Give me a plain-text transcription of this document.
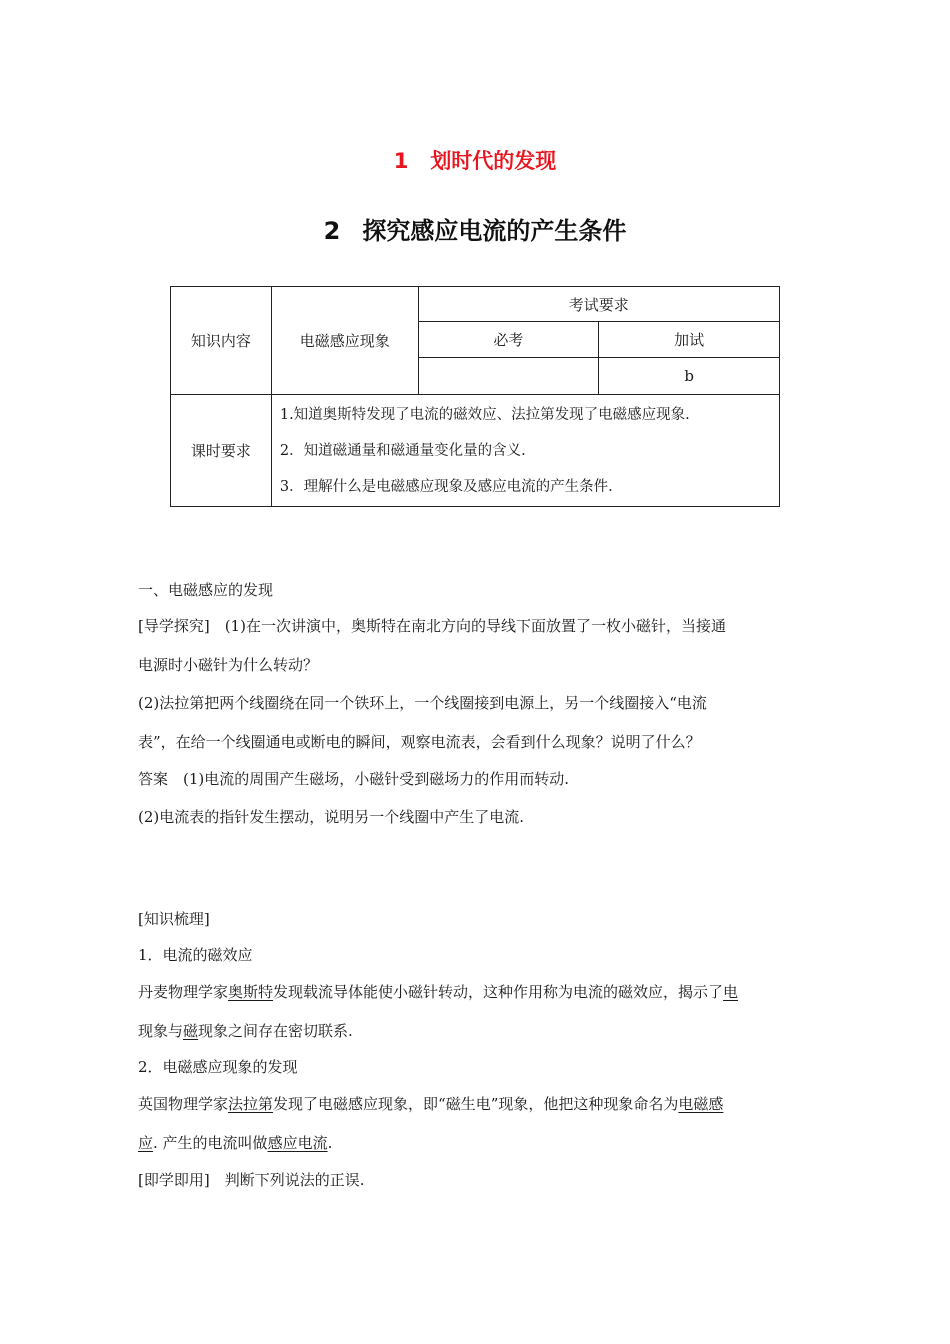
1 划时代的发现
2 探究感应电流的产生条件
知识内容	电磁感应现象	考试要求	
		必考	加试
			b
课时要求	1.知道奥斯特发现了电流的磁效应、法拉第发现了电磁感应现象.
2．知道磁通量和磁通量变化量的含义.
3．理解什么是电磁感应现象及感应电流的产生条件.		
一、电磁感应的发现
[导学探究]　(1)在一次讲演中，奥斯特在南北方向的导线下面放置了一枚小磁针，当接通
电源时小磁针为什么转动？
(2)法拉第把两个线圈绕在同一个铁环上，一个线圈接到电源上，另一个线圈接入“电流
表”，在给一个线圈通电或断电的瞬间，观察电流表，会看到什么现象？说明了什么？
答案　(1)电流的周围产生磁场，小磁针受到磁场力的作用而转动.
(2)电流表的指针发生摆动，说明另一个线圈中产生了电流.
[知识梳理]
1．电流的磁效应
丹麦物理学家奥斯特发现载流导体能使小磁针转动，这种作用称为电流的磁效应，揭示了电
现象与磁现象之间存在密切联系.
2．电磁感应现象的发现
英国物理学家法拉第发现了电磁感应现象，即“磁生电”现象，他把这种现象命名为电磁感
应. 产生的电流叫做感应电流.
[即学即用]　判断下列说法的正误.
